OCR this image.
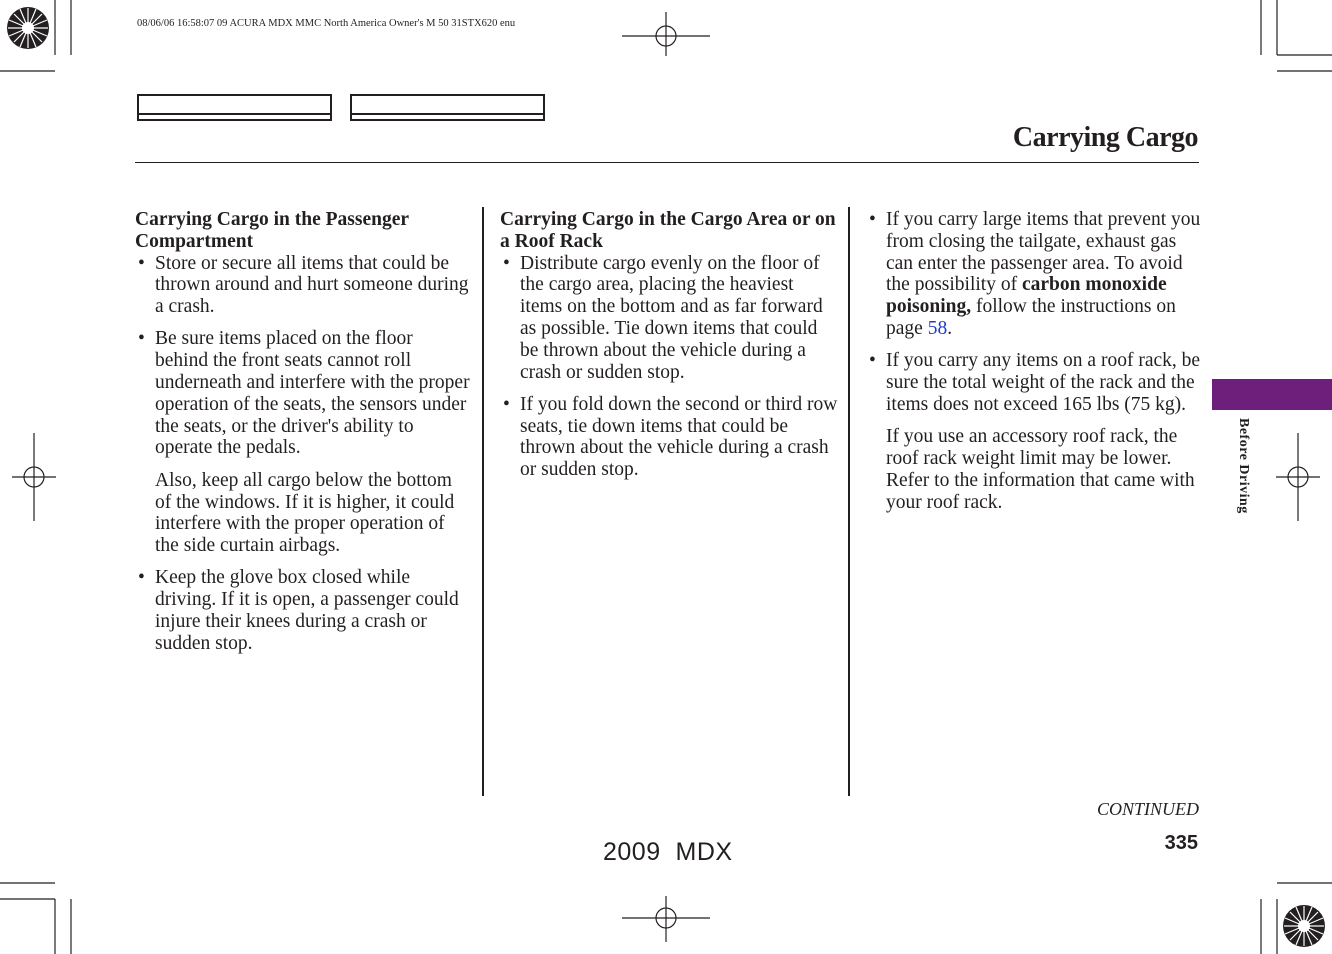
08/06/06 16:58:07 09 ACURA MDX MMC North America Owner's M 50 31STX620 enu
Carrying Cargo
Carrying Cargo in the Passenger Compartment
• Store or secure all items that could be thrown around and hurt someone during a crash.
• Be sure items placed on the floor behind the front seats cannot roll underneath and interfere with the proper operation of the seats, the sensors under the seats, or the driver's ability to operate the pedals.
Also, keep all cargo below the bottom of the windows. If it is higher, it could interfere with the proper operation of the side curtain airbags.
• Keep the glove box closed while driving. If it is open, a passenger could injure their knees during a crash or sudden stop.
Carrying Cargo in the Cargo Area or on a Roof Rack
• Distribute cargo evenly on the floor of the cargo area, placing the heaviest items on the bottom and as far forward as possible. Tie down items that could be thrown about the vehicle during a crash or sudden stop.
• If you fold down the second or third row seats, tie down items that could be thrown about the vehicle during a crash or sudden stop.
• If you carry large items that prevent you from closing the tailgate, exhaust gas can enter the passenger area. To avoid the possibility of carbon monoxide poisoning, follow the instructions on page 58.
• If you carry any items on a roof rack, be sure the total weight of the rack and the items does not exceed 165 lbs (75 kg).
If you use an accessory roof rack, the roof rack weight limit may be lower. Refer to the information that came with your roof rack.	Before Driving
CONTINUED
335
2009  MDX
